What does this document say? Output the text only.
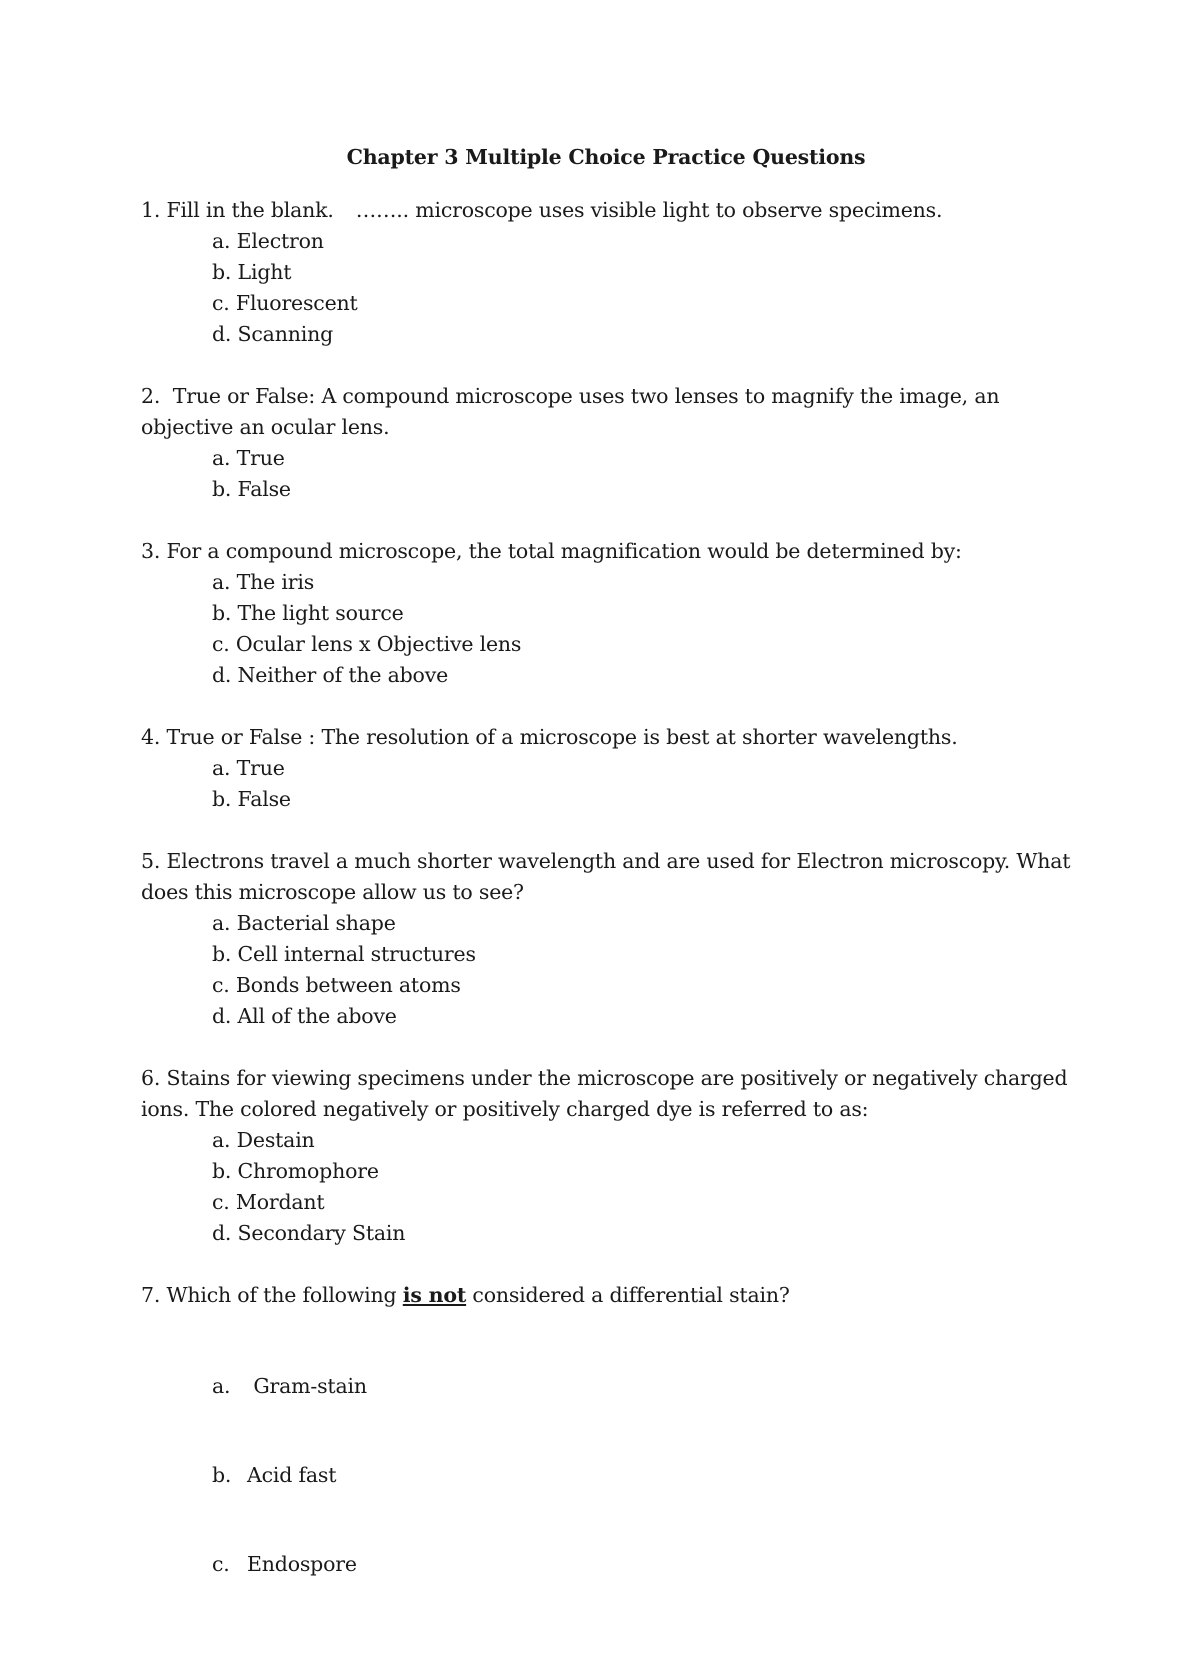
Chapter 3 Multiple Choice Practice Questions

1. Fill in the blank. …….. microscope uses visible light to observe specimens.

a. Electron
b. Light
c. Fluorescent
d. Scanning

2.  True or False: A compound microscope uses two lenses to magnify the image, an objective an ocular lens.

a. True
b. False

3. For a compound microscope, the total magnification would be determined by:

a. The iris
b. The light source
c. Ocular lens x Objective lens
d. Neither of the above

4. True or False : The resolution of a microscope is best at shorter wavelengths.

a. True
b. False

5. Electrons travel a much shorter wavelength and are used for Electron microscopy. What does this microscope allow us to see?

a. Bacterial shape
b. Cell internal structures
c. Bonds between atoms
d. All of the above

6. Stains for viewing specimens under the microscope are positively or negatively charged ions. The colored negatively or positively charged dye is referred to as:

a. Destain
b. Chromophore
c. Mordant
d. Secondary Stain

7. Which of the following is not considered a differential stain?

a. Gram-stain

b. Acid fast

c. Endospore
